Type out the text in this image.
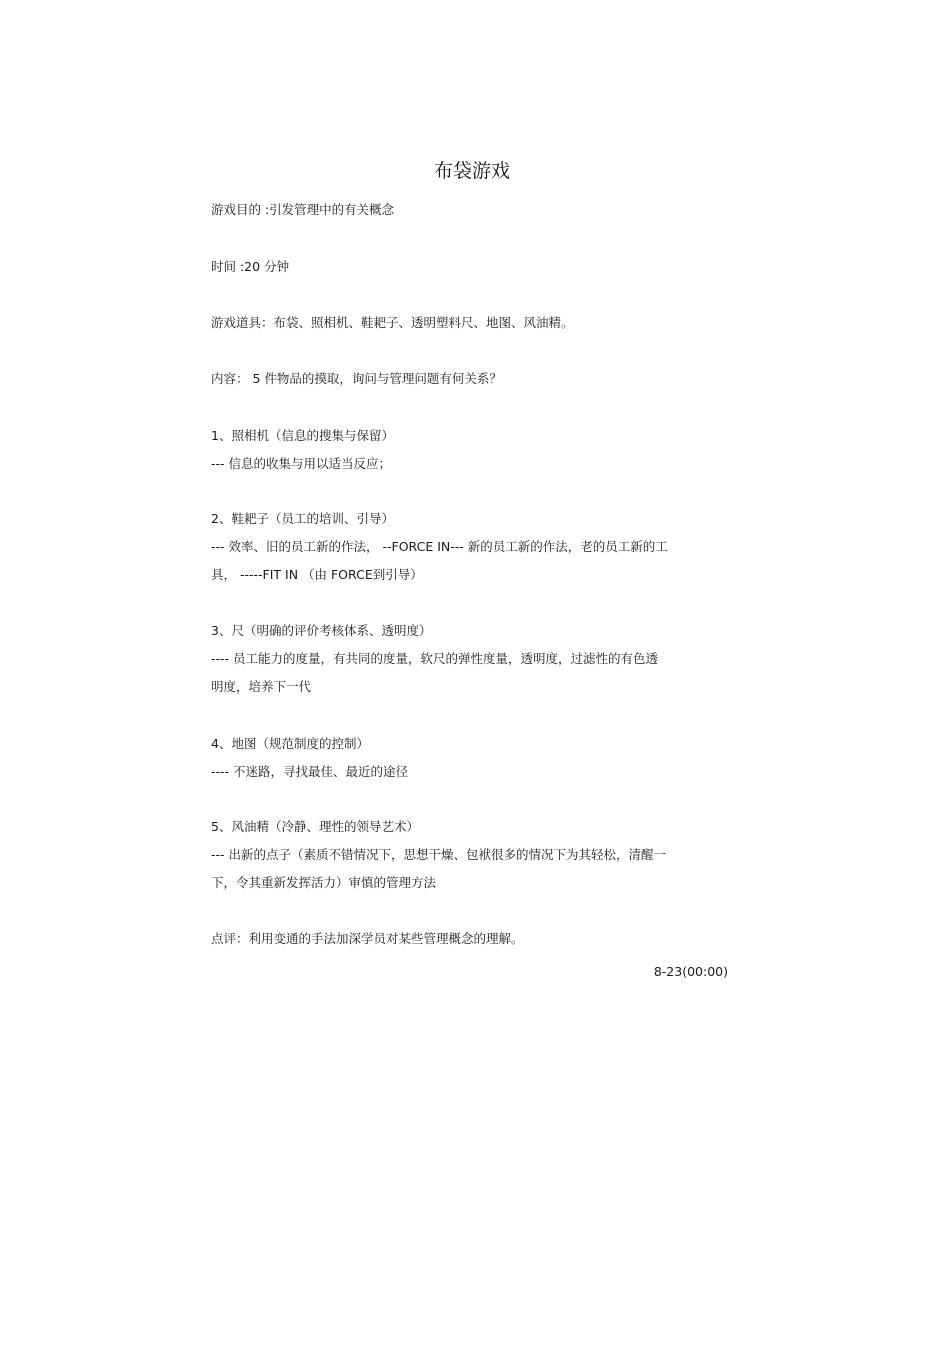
布袋游戏
游戏目的 :引发管理中的有关概念
时间 :20 分钟
游戏道具：布袋、照相机、鞋耙子、透明塑料尺、地图、风油精。
内容： 5 件物品的摸取，询问与管理问题有何关系？
1、照相机（信息的搜集与保留）
--- 信息的收集与用以适当反应；
2、鞋耙子（员工的培训、引导）
--- 效率、旧的员工新的作法， --FORCE IN--- 新的员工新的作法，老的员工新的工
具， -----FIT IN （由 FORCE到引导）
3、尺（明确的评价考核体系、透明度）
---- 员工能力的度量，有共同的度量，软尺的弹性度量，透明度，过滤性的有色透
明度，培养下一代
4、地图（规范制度的控制）
---- 不迷路，寻找最佳、最近的途径
5、风油精（冷静、理性的领导艺术）
--- 出新的点子（素质不错情况下，思想干燥、包袱很多的情况下为其轻松，清醒一
下，令其重新发挥活力）审慎的管理方法
点评：利用变通的手法加深学员对某些管理概念的理解。
8-23(00:00)
